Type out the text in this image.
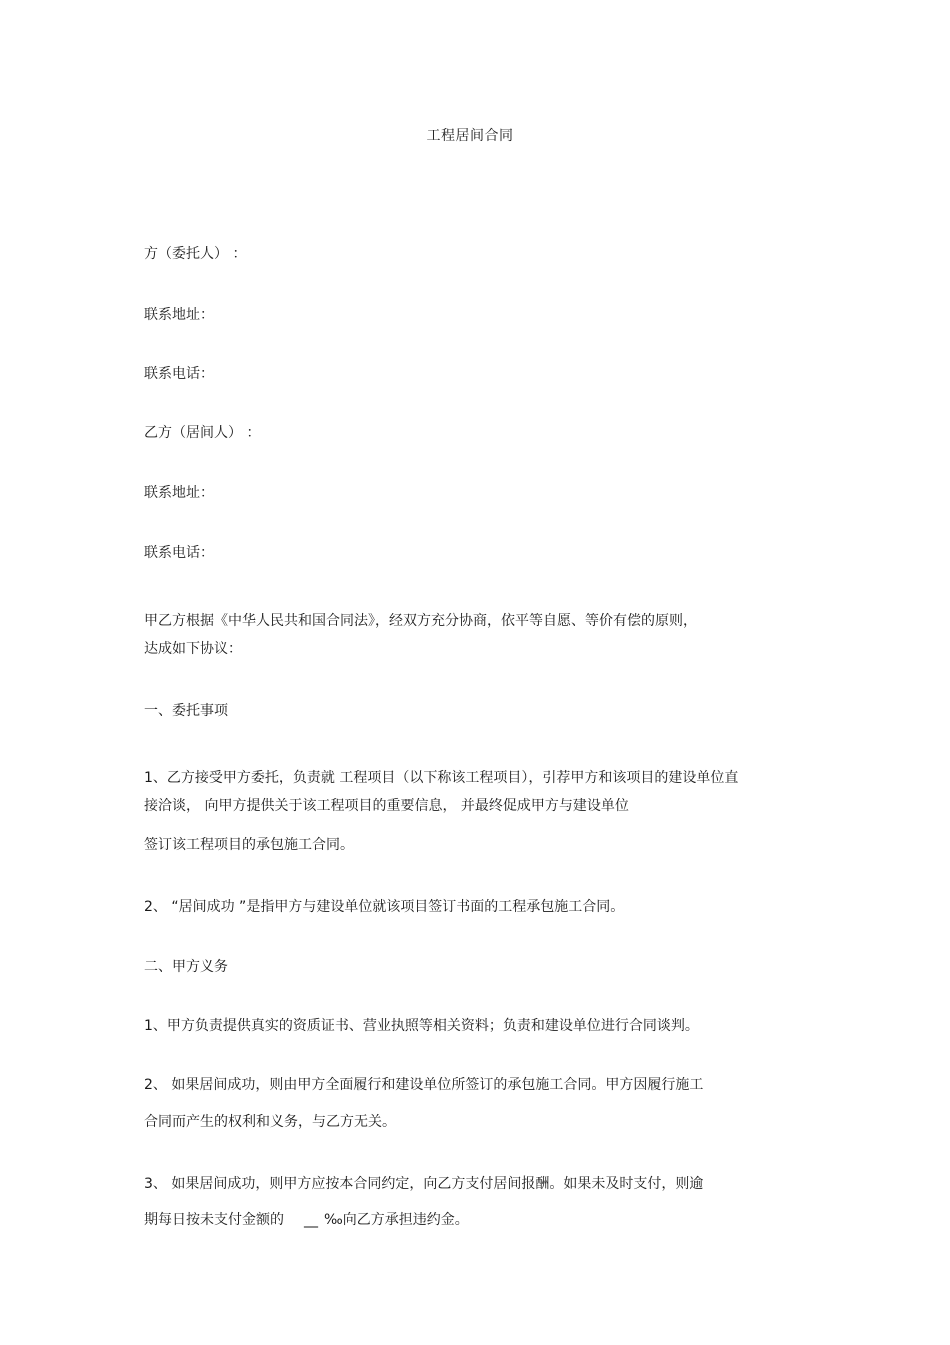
工程居间合同
方（委托人） ：
联系地址：
联系电话：
乙方（居间人） ：
联系地址：
联系电话：
甲乙方根据《中华人民共和国合同法》，经双方充分协商，依平等自愿、等价有偿的原则，
达成如下协议：
一、委托事项
1、乙方接受甲方委托，负责就 工程项目（以下称该工程项目），引荐甲方和该项目的建设单位直
接洽谈， 向甲方提供关于该工程项目的重要信息， 并最终促成甲方与建设单位
签订该工程项目的承包施工合同。
2、 “居间成功 ”是指甲方与建设单位就该项目签订书面的工程承包施工合同。
二、甲方义务
1、甲方负责提供真实的资质证书、营业执照等相关资料；负责和建设单位进行合同谈判。
2、 如果居间成功，则由甲方全面履行和建设单位所签订的承包施工合同。甲方因履行施工
合同而产生的权利和义务，与乙方无关。
3、 如果居间成功，则甲方应按本合同约定，向乙方支付居间报酬。如果未及时支付，则逾
期每日按未支付金额的 __ ‰向乙方承担违约金。
